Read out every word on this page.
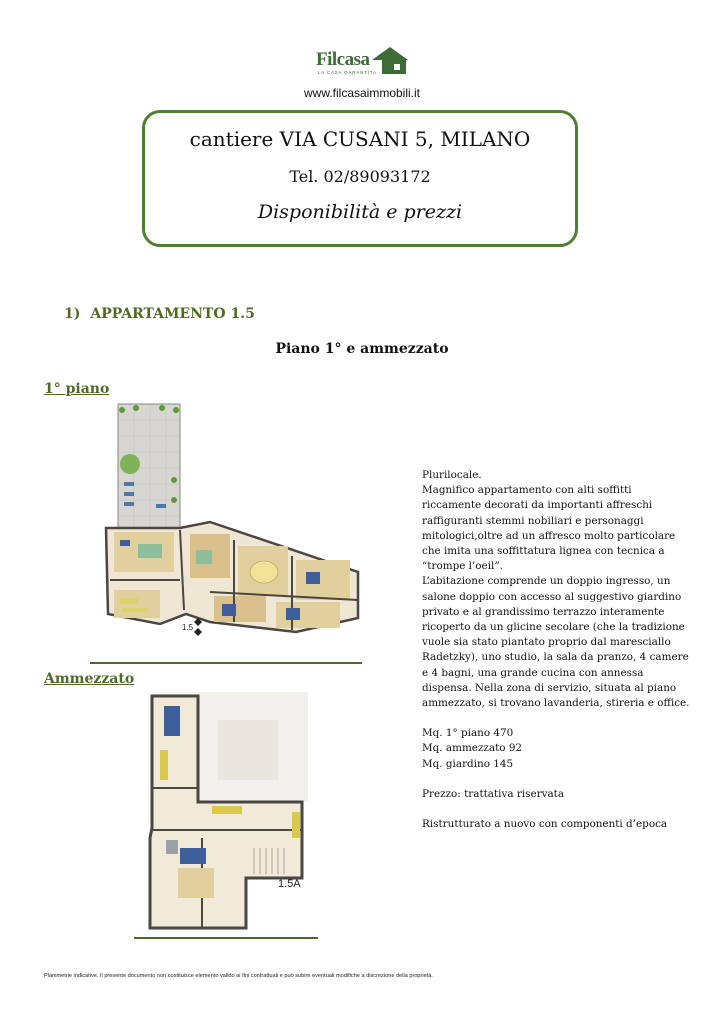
Filcasa
LA CASA GARANTITA
www.filcasaimmobili.it
cantiere VIA CUSANI 5, MILANO
Tel. 02/89093172
Disponibilità e prezzi
1) APPARTAMENTO 1.5
Piano 1° e ammezzato
1° piano
Ammezzato
1.5
1.5A

Plurilocale.

Magnifico appartamento con alti soffitti riccamente decorati da importanti affreschi raffiguranti stemmi nobiliari e personaggi mitologici,oltre ad un affresco molto particolare che imita una soffittatura lignea con tecnica a “trompe l’oeil”.

L’abitazione comprende un doppio ingresso, un salone doppio con accesso al suggestivo giardino privato e al grandissimo terrazzo interamente ricoperto da un glicine secolare (che la tradizione vuole sia stato piantato proprio dal maresciallo Radetzky), uno studio, la sala da pranzo, 4 camere e 4 bagni, una grande cucina con annessa dispensa. Nella zona di servizio, situata al piano ammezzato, si trovano lavanderia, stireria e office.

Mq. 1° piano 470

Mq. ammezzato 92

Mq. giardino 145

Prezzo: trattativa riservata

Ristrutturato a nuovo con componenti d’epoca

Planimetrie indicative. Il presente documento non costituisce elemento valido ai fini contrattuali e può subire eventuali modifiche a discrezione della proprietà.
